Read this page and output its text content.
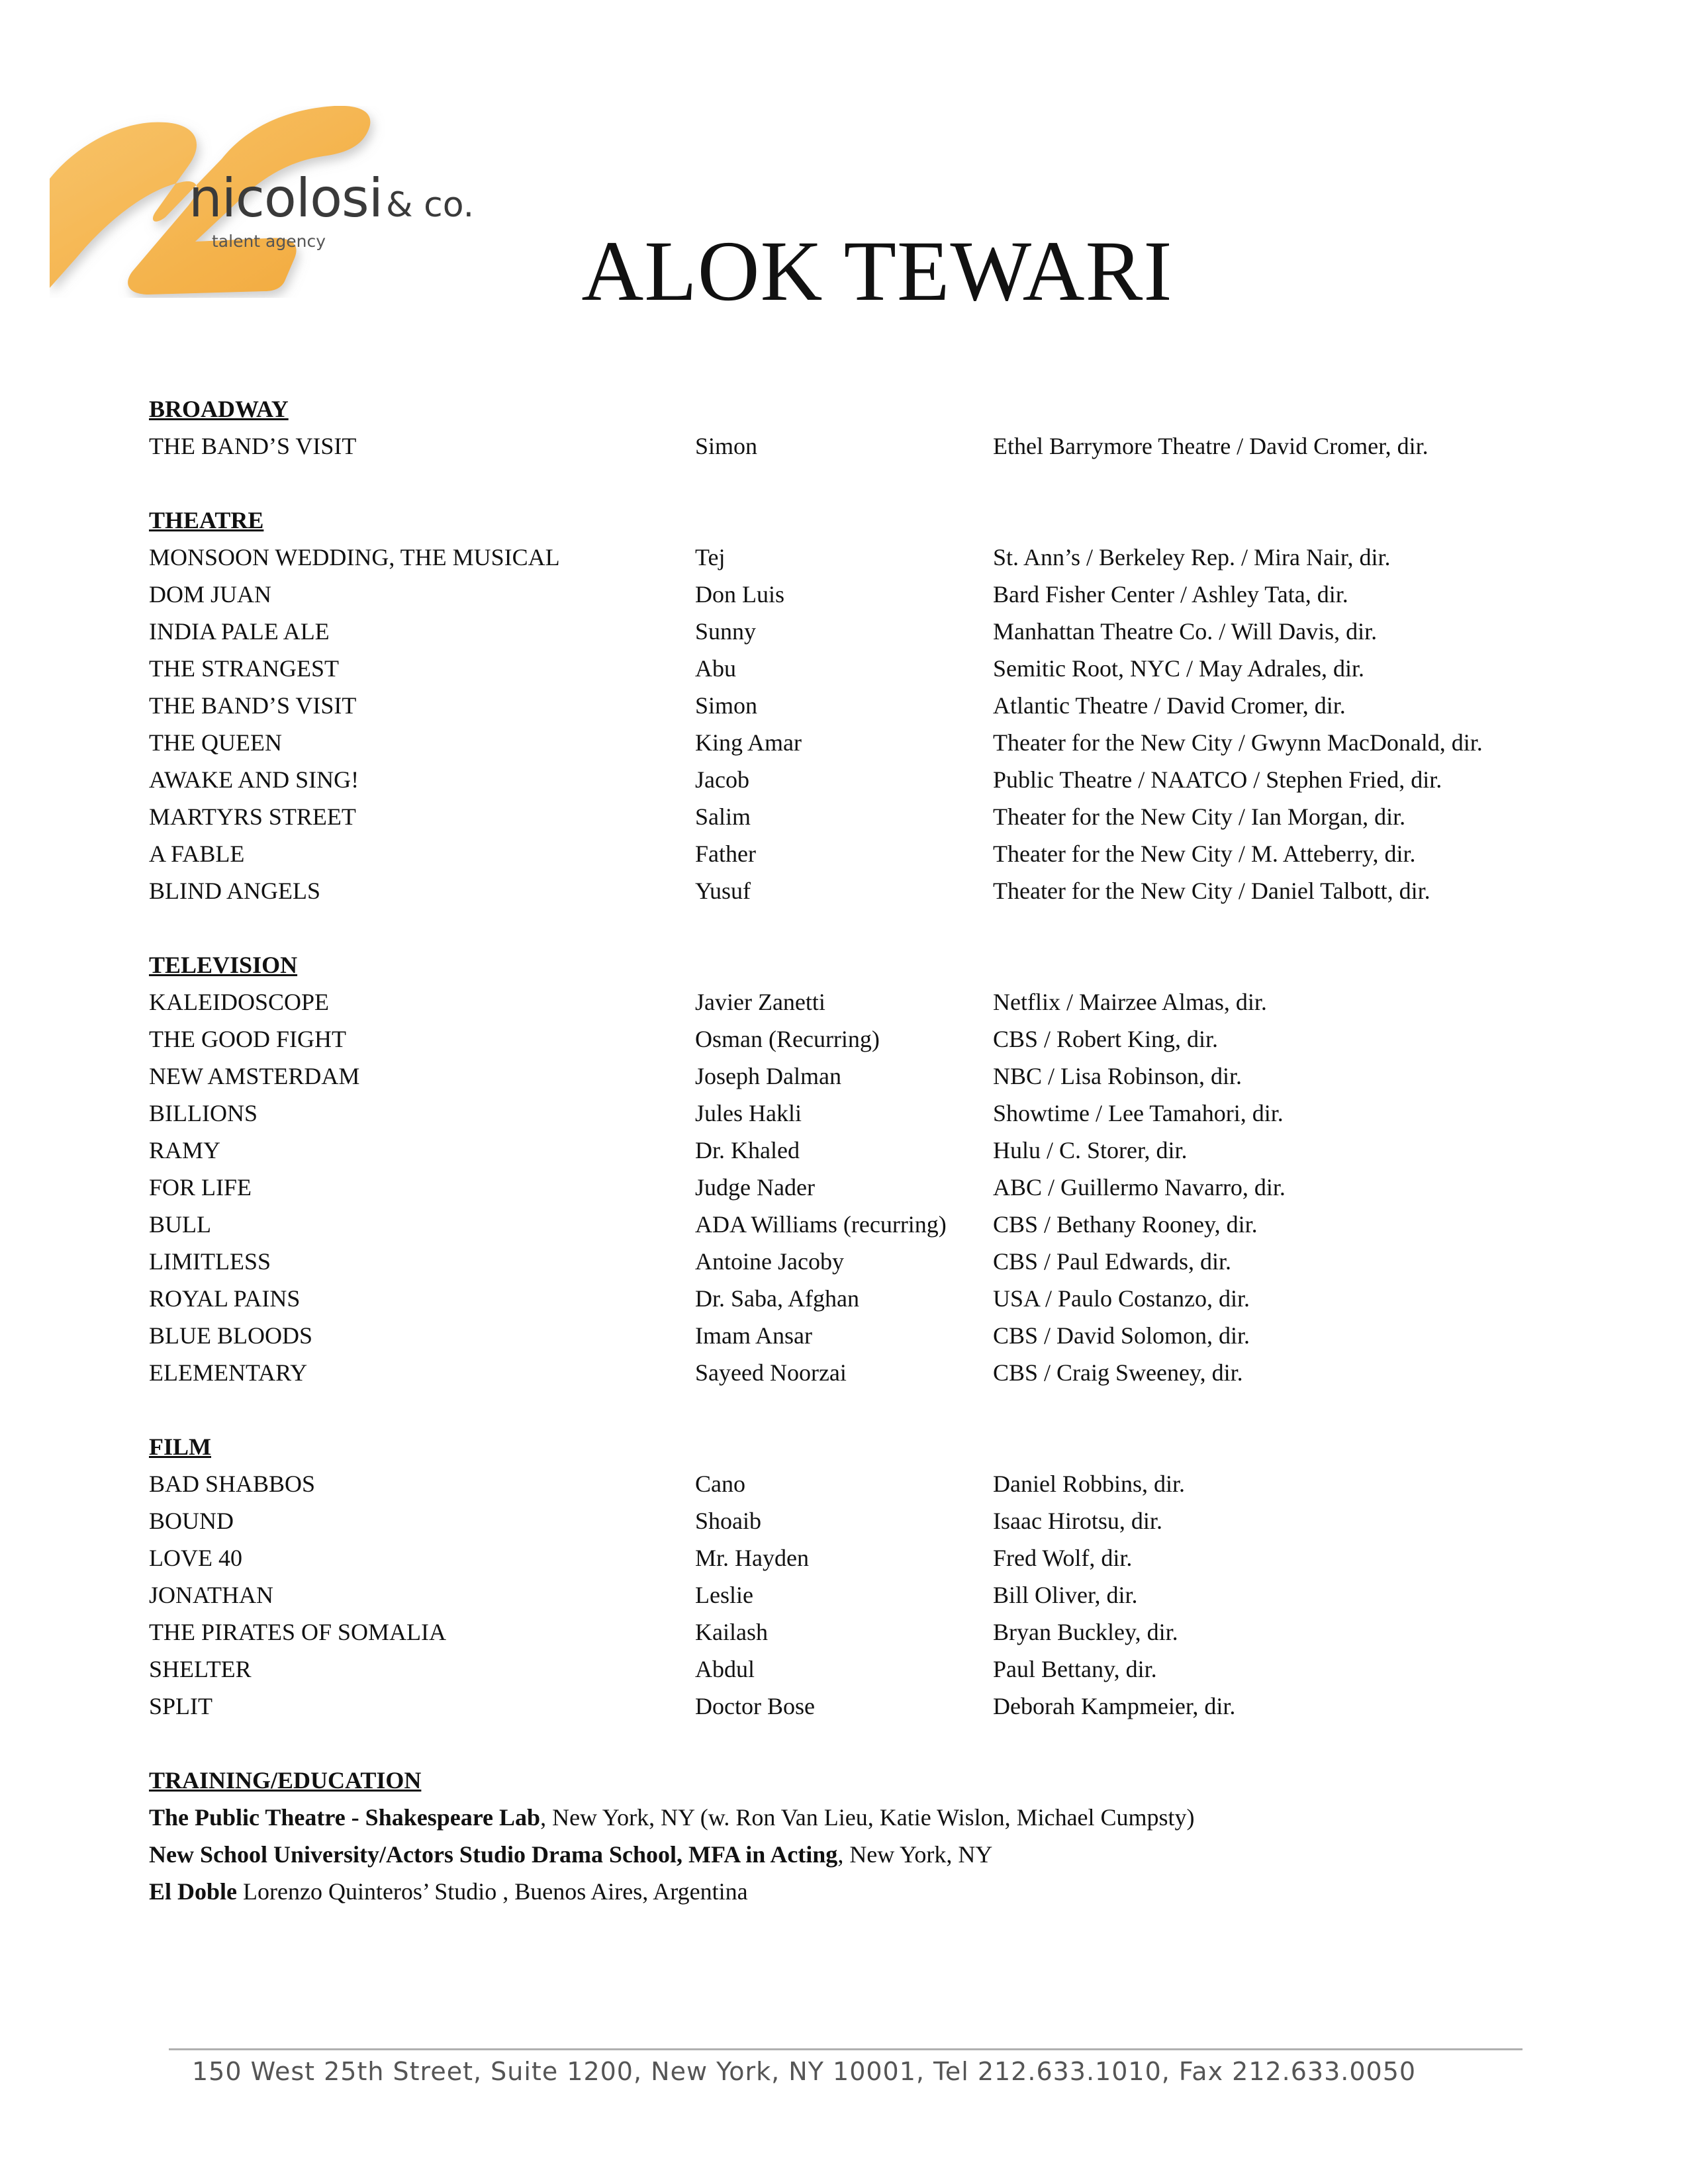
nicolosi & co.
talent agency	ALOK TEWARI
BROADWAY
THE BAND’S VISIT	Simon	Ethel Barrymore Theatre / David Cromer, dir.
THEATRE
MONSOON WEDDING, THE MUSICAL	Tej	St. Ann’s / Berkeley Rep. / Mira Nair, dir.
DOM JUAN	Don Luis	Bard Fisher Center / Ashley Tata, dir.
INDIA PALE ALE	Sunny	Manhattan Theatre Co. / Will Davis, dir.
THE STRANGEST	Abu	Semitic Root, NYC / May Adrales, dir.
THE BAND’S VISIT	Simon	Atlantic Theatre / David Cromer, dir.
THE QUEEN	King Amar	Theater for the New City / Gwynn MacDonald, dir.
AWAKE AND SING!	Jacob	Public Theatre / NAATCO / Stephen Fried, dir.
MARTYRS STREET	Salim	Theater for the New City / Ian Morgan, dir.
A FABLE	Father	Theater for the New City / M. Atteberry, dir.
BLIND ANGELS	Yusuf	Theater for the New City / Daniel Talbott, dir.
TELEVISION
KALEIDOSCOPE	Javier Zanetti	Netflix / Mairzee Almas, dir.
THE GOOD FIGHT	Osman (Recurring)	CBS / Robert King, dir.
NEW AMSTERDAM	Joseph Dalman	NBC / Lisa Robinson, dir.
BILLIONS	Jules Hakli	Showtime / Lee Tamahori, dir.
RAMY	Dr. Khaled	Hulu / C. Storer, dir.
FOR LIFE	Judge Nader	ABC / Guillermo Navarro, dir.
BULL	ADA Williams (recurring)	CBS / Bethany Rooney, dir.
LIMITLESS	Antoine Jacoby	CBS / Paul Edwards, dir.
ROYAL PAINS	Dr. Saba, Afghan	USA / Paulo Costanzo, dir.
BLUE BLOODS	Imam Ansar	CBS / David Solomon, dir.
ELEMENTARY	Sayeed Noorzai	CBS / Craig Sweeney, dir.
FILM
BAD SHABBOS	Cano	Daniel Robbins, dir.
BOUND	Shoaib	Isaac Hirotsu, dir.
LOVE 40	Mr. Hayden	Fred Wolf, dir.
JONATHAN	Leslie	Bill Oliver, dir.
THE PIRATES OF SOMALIA	Kailash	Bryan Buckley, dir.
SHELTER	Abdul	Paul Bettany, dir.
SPLIT	Doctor Bose	Deborah Kampmeier, dir.
TRAINING/EDUCATION
The Public Theatre - Shakespeare Lab, New York, NY (w. Ron Van Lieu, Katie Wislon, Michael Cumpsty)
New School University/Actors Studio Drama School, MFA in Acting, New York, NY
El Doble Lorenzo Quinteros’ Studio , Buenos Aires, Argentina
150 West 25th Street, Suite 1200, New York, NY 10001, Tel 212.633.1010, Fax 212.633.0050
